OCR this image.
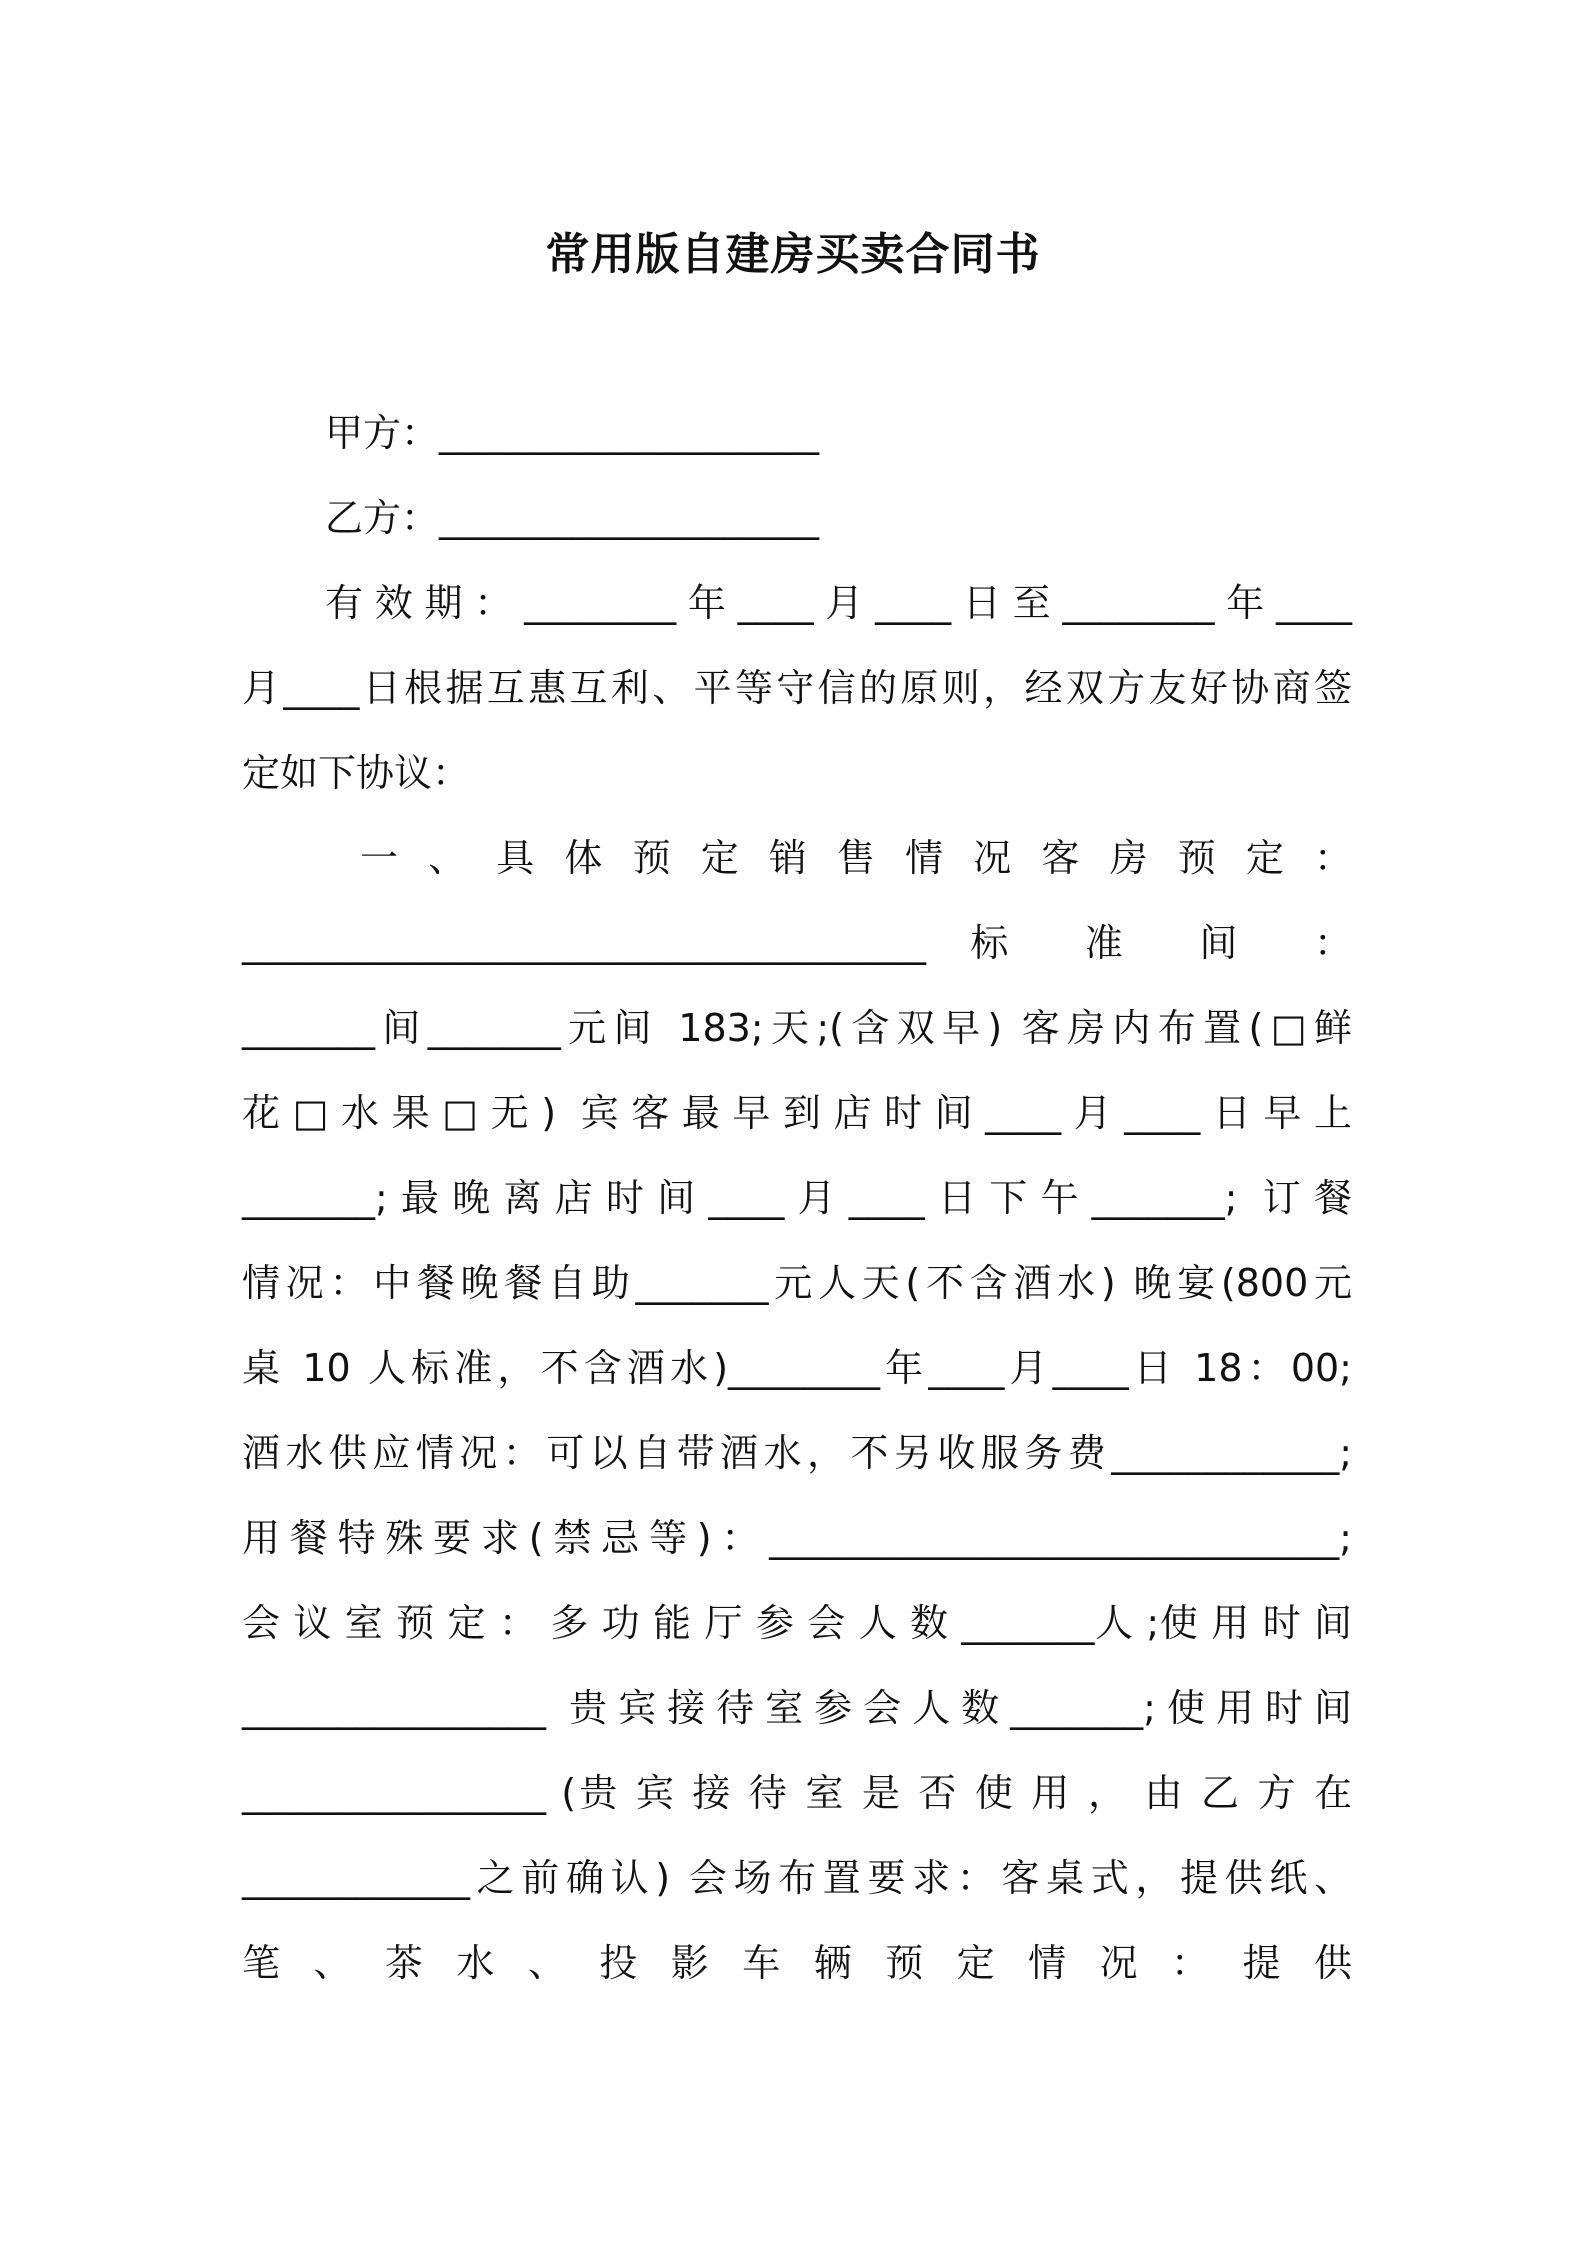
常用版自建房买卖合同书
甲方：____________________
乙方：____________________
有效期：________年____月____日至________年____
月____日根据互惠互利、平等守信的原则，经双方友好协商签
定如下协议：
一 、 具 体 预 定 销 售 情 况 客 房 预 定 ：
____________________________________ 标 准 间 ：
_______间_______元间 183;天;(含双早) 客房内布置(□鲜
花□水果□无) 宾客最早到店时间____月____日早上
_______;最晚离店时间____月____日下午_______; 订餐
情况：中餐晚餐自助_______元人天(不含酒水) 晚宴(800元
桌 10 人标准，不含酒水)________年____月____日 18：00;
酒水供应情况：可以自带酒水，不另收服务费____________;
用餐特殊要求(禁忌等)：______________________________;
会 议 室 预 定 ： 多 功 能 厅 参 会 人 数 _______人 ;使 用 时 间
________________ 贵宾接待室参会人数_______;使用时间
________________ (贵 宾 接 待 室 是 否 使 用 ， 由 乙 方 在
____________之前确认) 会场布置要求：客桌式，提供纸、
笔 、 茶 水 、 投 影 车 辆 预 定 情 况 ： 提 供
